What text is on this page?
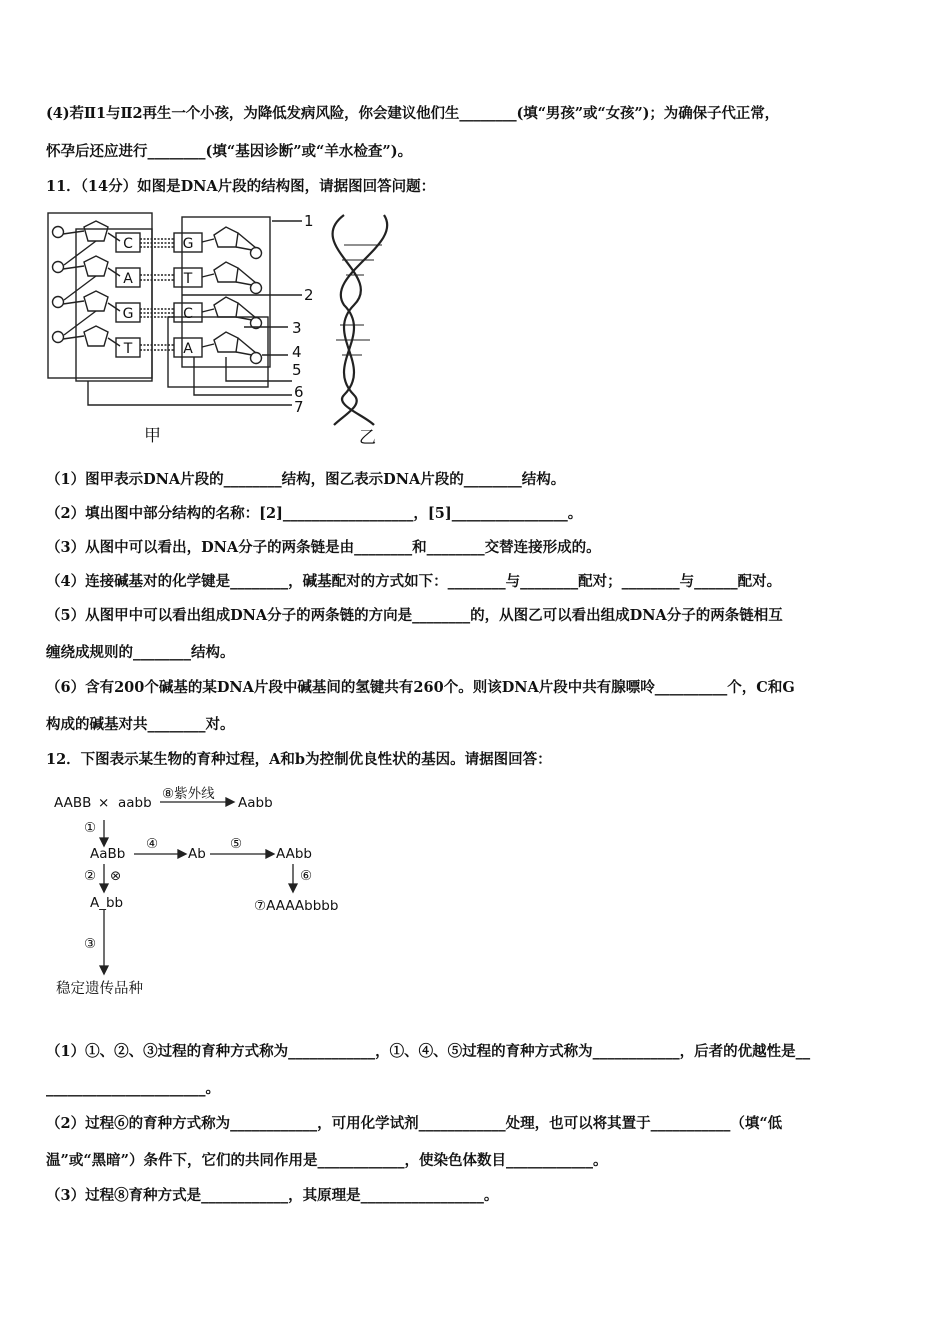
(4)若Ⅱ1与Ⅱ2再生一个小孩，为降低发病风险，你会建议他们生________(填“男孩”或“女孩”)；为确保子代正常，
怀孕后还应进行________(填“基因诊断”或“羊水检查”)。
11．（14分）如图是DNA片段的结构图，请据图回答问题：
C
A
G
T
G
T
C
A
1
2
3
4
5
6
7
甲	乙
（1）图甲表示DNA片段的________结构，图乙表示DNA片段的________结构。
（2）填出图中部分结构的名称：[2]__________________，[5]________________。
（3）从图中可以看出，DNA分子的两条链是由________和________交替连接形成的。
（4）连接碱基对的化学键是________，碱基配对的方式如下：________与________配对；________与______配对。
（5）从图甲中可以看出组成DNA分子的两条链的方向是________的，从图乙可以看出组成DNA分子的两条链相互
缠绕成规则的________结构。
（6）含有200个碱基的某DNA片段中碱基间的氢键共有260个。则该DNA片段中共有腺嘌呤__________个，C和G
构成的碱基对共________对。
12．下图表示某生物的育种过程，A和b为控制优良性状的基因。请据图回答：
AABB × aabb
⑧紫外线
Aabb
①
AaBb
④
Ab
⑤
AAbb
② ⊗
A_bb
⑥
⑦AAAAbbbb
③
稳定遗传品种
（1）①、②、③过程的育种方式称为____________，①、④、⑤过程的育种方式称为____________，后者的优越性是__
______________________。
（2）过程⑥的育种方式称为____________，可用化学试剂____________处理，也可以将其置于___________（填“低
温”或“黑暗”）条件下，它们的共同作用是____________，使染色体数目____________。
（3）过程⑧育种方式是____________，其原理是_________________。
